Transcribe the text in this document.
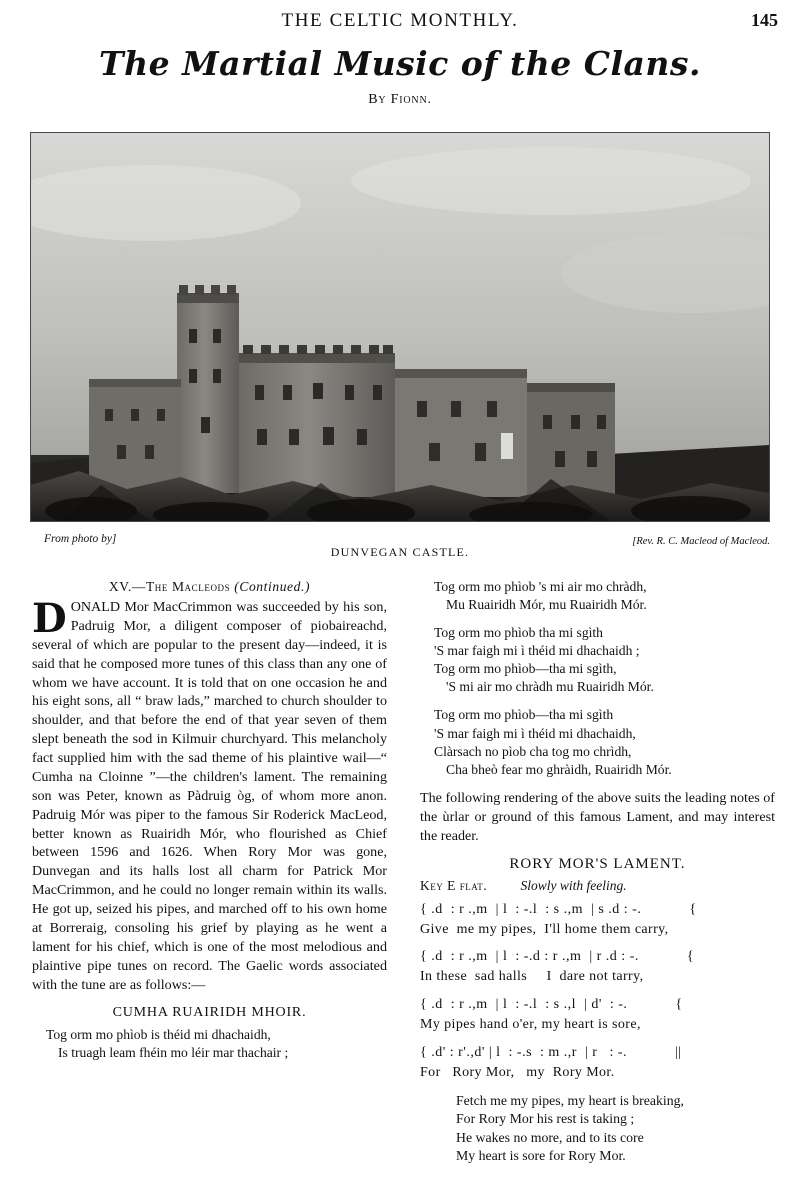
THE CELTIC MONTHLY.	145
The Martial Music of the Clans.
By Fionn.
From photo by]
DUNVEGAN CASTLE.
[Rev. R. C. Macleod of Macleod.
XV.—The Macleods (Continued.)
D ONALD Mor MacCrimmon was succeeded by his son, Padruig Mor, a diligent composer of piobaireachd, several of which are popular to the present day—indeed, it is said that he composed more tunes of this class than any one of whom we have account. It is told that on one occasion he and his eight sons, all “ braw lads,” marched to church shoulder to shoulder, and that before the end of that year seven of them slept beneath the sod in Kilmuir churchyard. This melancholy fact supplied him with the sad theme of his plaintive wail—“ Cumha na Cloinne ”—the children's lament. The remaining son was Peter, known as Pàdruig òg, of whom more anon. Padruig Mór was piper to the famous Sir Roderick MacLeod, better known as Ruairidh Mór, who flourished as Chief between 1596 and 1626. When Rory Mor was gone, Dunvegan and its halls lost all charm for Patrick Mor MacCrimmon, and he could no longer remain within its walls. He got up, seized his pipes, and marched off to his own home at Borreraig, consoling his grief by playing as he went a lament for his chief, which is one of the most melodious and plaintive pipe tunes on record. The Gaelic words associated with the tune are as follows:—
CUMHA RUAIRIDH MHOIR.
Tog orm mo phìob is théid mi dhachaidh,
Is truagh leam fhéin mo léir mar thachair ;
Tog orm mo phìob 's mi air mo chràdh,
Mu Ruairidh Mór, mu Ruairidh Mór.
Tog orm mo phìob tha mi sgìth
'S mar faigh mi ì théid mi dhachaidh ;
Tog orm mo phìob—tha mi sgìth,
'S mi air mo chràdh mu Ruairidh Mór.
Tog orm mo phìob—tha mi sgìth
'S mar faigh mi ì théid mi dhachaidh,
Clàrsach no pìob cha tog mo chrìdh,
Cha bheò fear mo ghràidh, Ruairidh Mór.

The following rendering of the above suits the leading notes of the ùrlar or ground of this famous Lament, and may interest the reader.

RORY MOR'S LAMENT.
Key E flat. Slowly with feeling.
{ .d  : r .,m  | l  : -.l  : s .,m  | s .d : -.            {
Give  me my pipes,  I'll home them carry,
{ .d  : r .,m  | l  : -.d : r .,m  | r .d : -.            {
In these  sad halls     I  dare not tarry,
{ .d  : r .,m  | l  : -.l  : s .,l  | d'  : -.            {
My pipes hand o'er, my heart is sore,
{ .d' : r'.,d' | l  : -.s  : m .,r  | r   : -.            ||
For   Rory Mor,   my  Rory Mor.
Fetch me my pipes, my heart is breaking,
For Rory Mor his rest is taking ;
He wakes no more, and to its core
My heart is sore for Rory Mor.
